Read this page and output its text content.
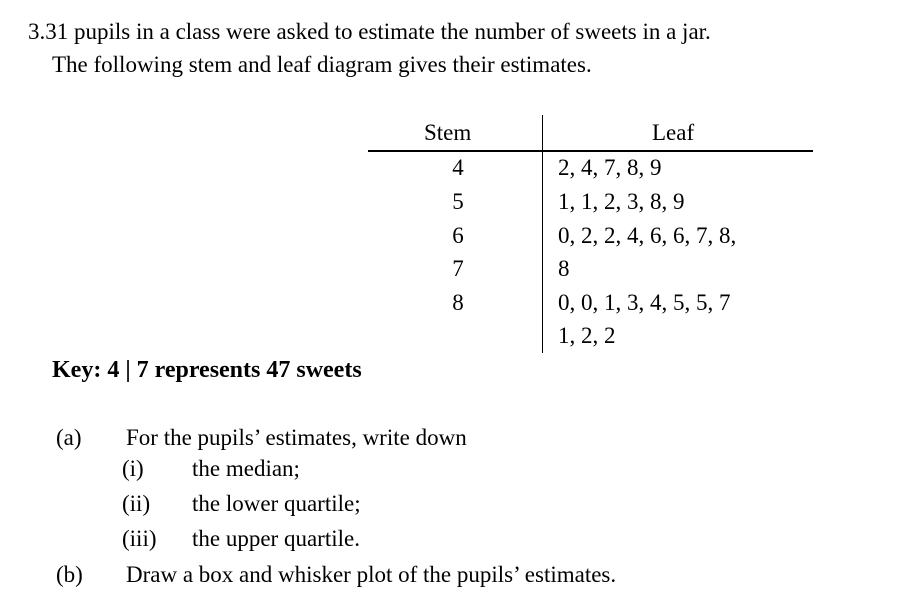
3.31 pupils in a class were asked to estimate the number of sweets in a jar.
The following stem and leaf diagram gives their estimates.
Stem	Leaf
4	2, 4, 7, 8, 9
5	1, 1, 2, 3, 8, 9
6	0, 2, 2, 4, 6, 6, 7, 8,
7	8
8	0, 0, 1, 3, 4, 5, 5, 7
1, 2, 2
Key: 4 | 7 represents 47 sweets
(a) For the pupils’ estimates, write down
(i) the median;
(ii) the lower quartile;
(iii) the upper quartile.
(b) Draw a box and whisker plot of the pupils’ estimates.
